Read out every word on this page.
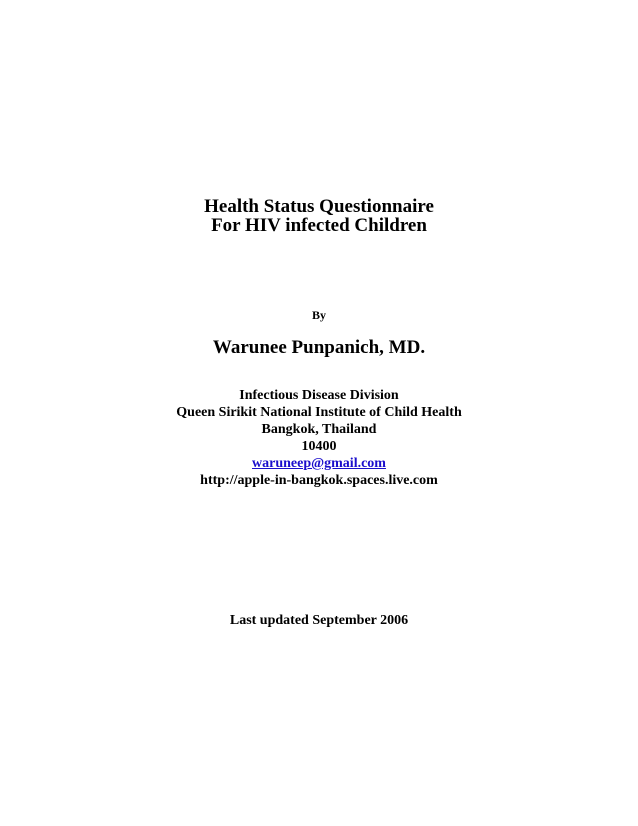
Health Status Questionnaire
For HIV infected Children
By
Warunee Punpanich, MD.
Infectious Disease Division
Queen Sirikit National Institute of Child Health
Bangkok, Thailand
10400
waruneep@gmail.com
http://apple-in-bangkok.spaces.live.com
Last updated September 2006
